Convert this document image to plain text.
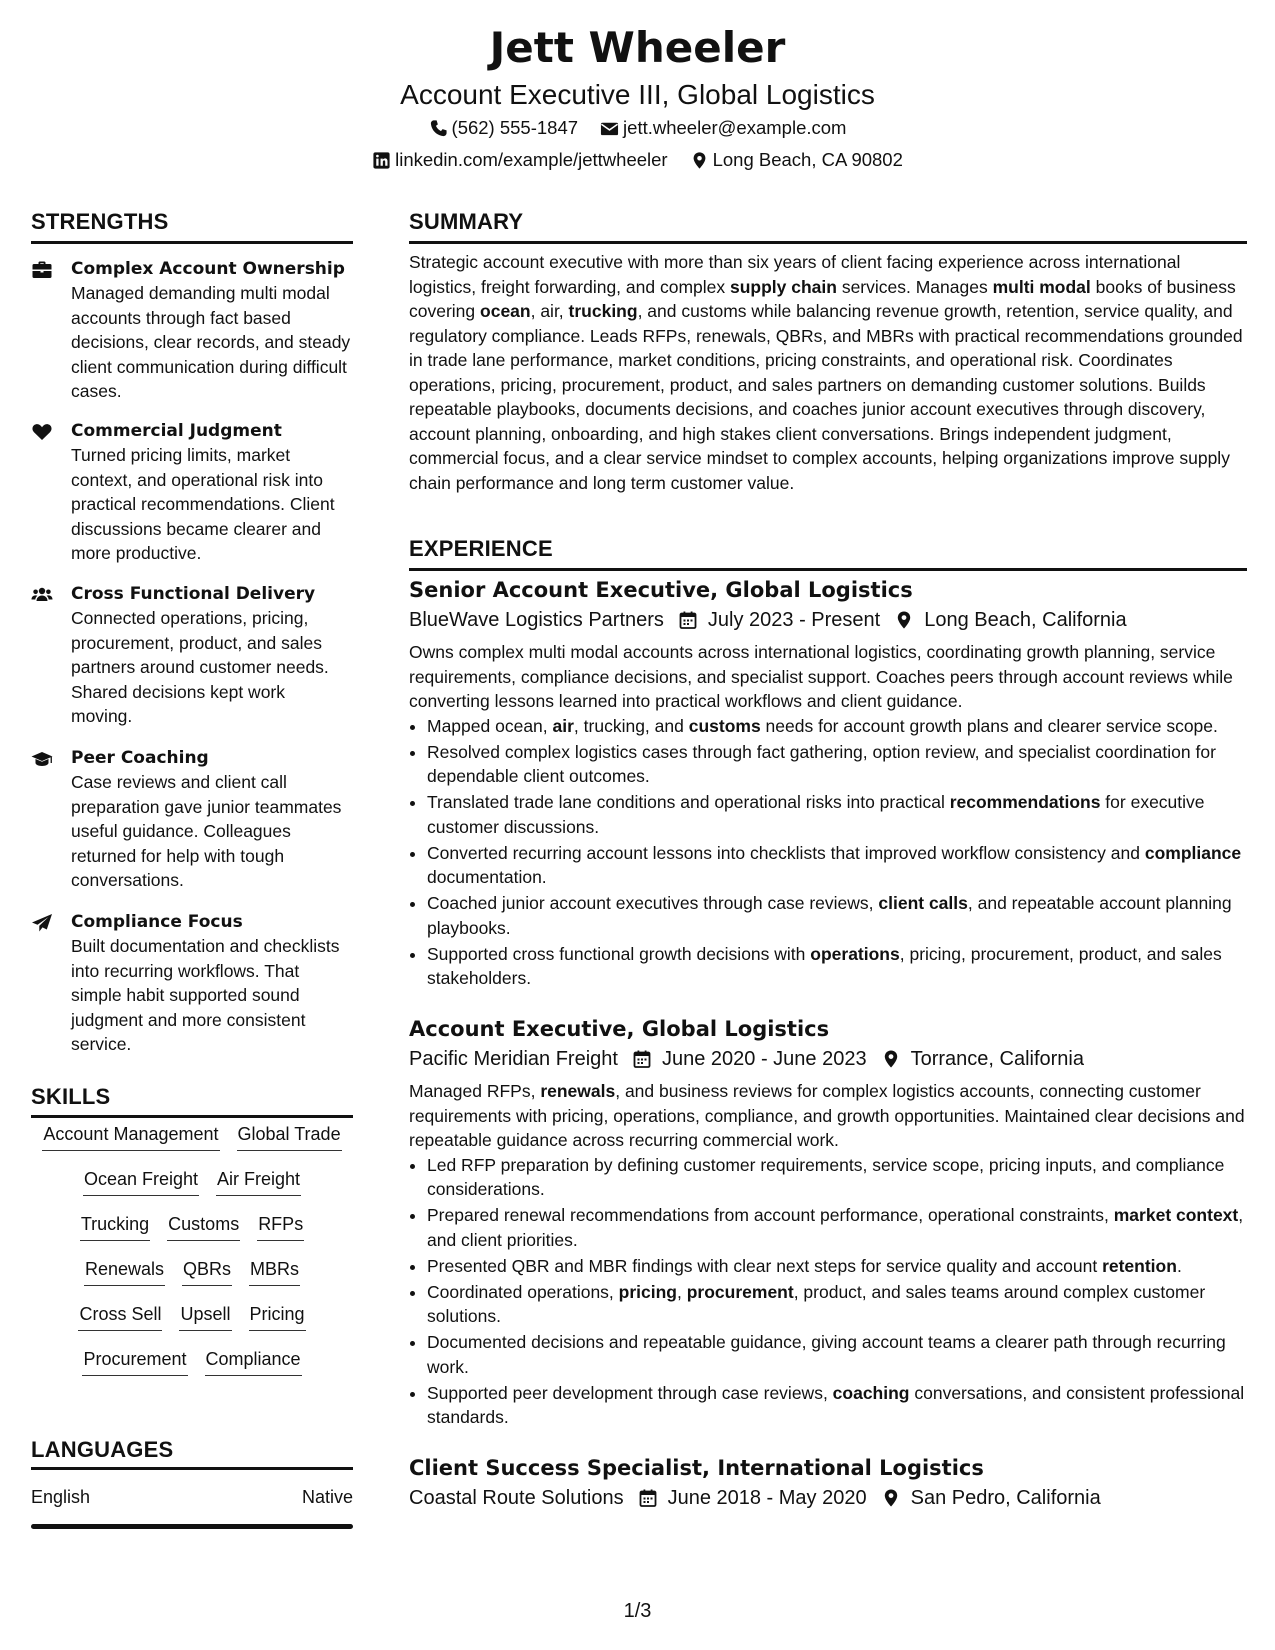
Jett Wheeler
Account Executive III, Global Logistics
(562) 555-1847 jett.wheeler@example.com
linkedin.com/example/jettwheeler Long Beach, CA 90802
STRENGTHS
Complex Account Ownership
Managed demanding multi modal accounts through fact based decisions, clear records, and steady client communication during difficult cases.
Commercial Judgment
Turned pricing limits, market context, and operational risk into practical recommendations. Client discussions became clearer and more productive.
Cross Functional Delivery
Connected operations, pricing, procurement, product, and sales partners around customer needs. Shared decisions kept work moving.
Peer Coaching
Case reviews and client call preparation gave junior teammates useful guidance. Colleagues returned for help with tough conversations.
Compliance Focus
Built documentation and checklists into recurring workflows. That simple habit supported sound judgment and more consistent service.
SKILLS
Account Management Global Trade
Ocean Freight Air Freight
Trucking Customs RFPs
Renewals QBRs MBRs
Cross Sell Upsell Pricing
Procurement Compliance
LANGUAGES
English	Native
SUMMARY
Strategic account executive with more than six years of client facing experience across international logistics, freight forwarding, and complex supply chain services. Manages multi modal books of business covering ocean, air, trucking, and customs while balancing revenue growth, retention, service quality, and regulatory compliance. Leads RFPs, renewals, QBRs, and MBRs with practical recommendations grounded in trade lane performance, market conditions, pricing constraints, and operational risk. Coordinates operations, pricing, procurement, product, and sales partners on demanding customer solutions. Builds repeatable playbooks, documents decisions, and coaches junior account executives through discovery, account planning, onboarding, and high stakes client conversations. Brings independent judgment, commercial focus, and a clear service mindset to complex accounts, helping organizations improve supply chain performance and long term customer value.
EXPERIENCE
Senior Account Executive, Global Logistics
BlueWave Logistics Partners July 2023 - Present Long Beach, California
Owns complex multi modal accounts across international logistics, coordinating growth planning, service requirements, compliance decisions, and specialist support. Coaches peers through account reviews while converting lessons learned into practical workflows and client guidance.
• Mapped ocean, air, trucking, and customs needs for account growth plans and clearer service scope.
• Resolved complex logistics cases through fact gathering, option review, and specialist coordination for dependable client outcomes.
• Translated trade lane conditions and operational risks into practical recommendations for executive customer discussions.
• Converted recurring account lessons into checklists that improved workflow consistency and compliance documentation.
• Coached junior account executives through case reviews, client calls, and repeatable account planning playbooks.
• Supported cross functional growth decisions with operations, pricing, procurement, product, and sales stakeholders.
Account Executive, Global Logistics
Pacific Meridian Freight June 2020 - June 2023 Torrance, California
Managed RFPs, renewals, and business reviews for complex logistics accounts, connecting customer requirements with pricing, operations, compliance, and growth opportunities. Maintained clear decisions and repeatable guidance across recurring commercial work.
• Led RFP preparation by defining customer requirements, service scope, pricing inputs, and compliance considerations.
• Prepared renewal recommendations from account performance, operational constraints, market context, and client priorities.
• Presented QBR and MBR findings with clear next steps for service quality and account retention.
• Coordinated operations, pricing, procurement, product, and sales teams around complex customer solutions.
• Documented decisions and repeatable guidance, giving account teams a clearer path through recurring work.
• Supported peer development through case reviews, coaching conversations, and consistent professional standards.
Client Success Specialist, International Logistics
Coastal Route Solutions June 2018 - May 2020 San Pedro, California
1/3
